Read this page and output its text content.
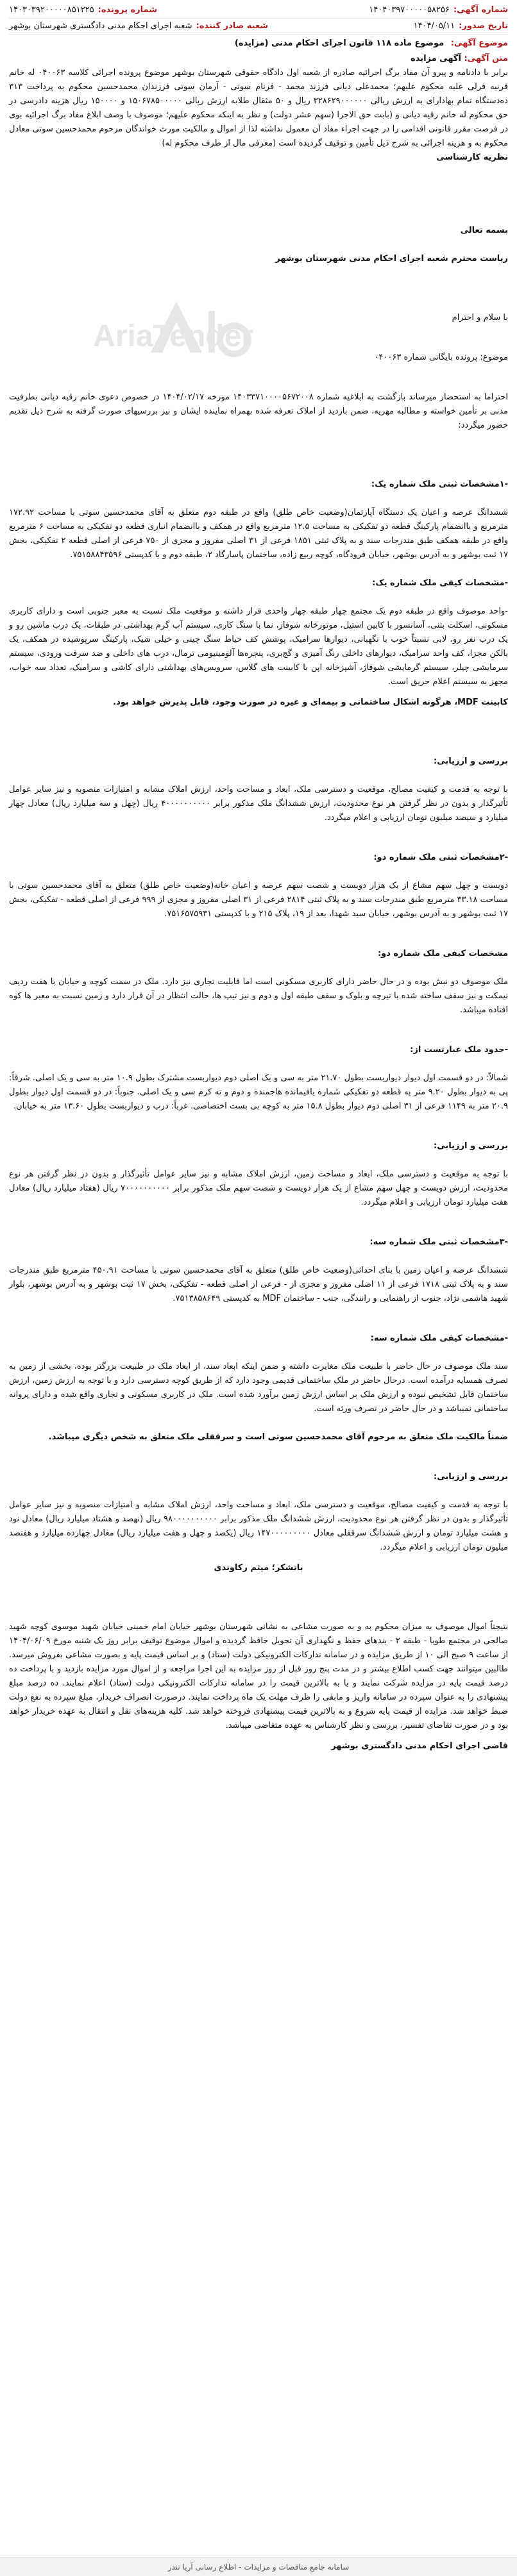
AriaTender
شماره آگهی:
۱۴۰۴۰۳۹۷۰۰۰۰۰۵۸۲۵۶
شماره پرونده:
۱۴۰۳۰۳۹۲۰۰۰۰۰۸۵۱۲۲۵
تاریخ صدور:
۱۴۰۴/۰۵/۱۱
شعبه صادر کننده:
شعبه اجرای احکام مدنی دادگستری شهرستان بوشهر
موضوع آگهی: موضوع ماده ۱۱۸ قانون اجرای احکام مدنی (مزایده)
متن آگهی: آگهی مزایده

برابر با دادنامه و پیرو آن مفاد برگ اجرائیه صادره از شعبه اول دادگاه حقوقی شهرستان بوشهر موضوع پرونده اجرائی کلاسه ۰۴۰۰۶۳ له خانم قرنیه فرلی علیه محکوم علیهم؛ محمدعلی دیانی فرزند محمد - فرنام سوتی - آرمان سوتی فرزندان محمدحسین محکوم به پرداخت ۳۱۳ ده‌دستگاه تمام بهادارای به ارزش ریالی ۳۲۸۶۲۹۰۰۰۰۰۰ ریال و ۵۰ مثقال طلابه ارزش ریالی ۱۵۰۶۷۸۵۰۰۰۰۰ و ۱۵۰۰۰۰ ریال هزینه دادرسی در حق محکوم له خانم رقیه دیانی و (بابت حق الاجرا (سهم عشر دولت) و نظر به اینکه محکوم علیهم؛ موصوف با وصف ابلاغ مفاد برگ اجرائیه بوی در فرصت مقرر قانونی اقدامی را در جهت اجراء مفاد آن معمول نداشته لذا از اموال و مالکیت مورث خواندگان مرحوم محمدحسین سوتی معادل محکوم به و هزینه اجرائی به شرح ذیل تأمین و توقیف گردیده است (معرفی مال از طرف محکوم له)

نظریه کارشناسی
بسمه تعالی
ریاست محترم شعبه اجرای احکام مدنی شهرستان بوشهر
با سلام و احترام
موضوع: پرونده بایگانی شماره ۰۴۰۰۶۳

احتراما به استحضار میرساند بازگشت به ابلاغیه شماره ۱۴۰۳۳۷۱۰۰۰۰۵۶۷۲۰۰۸ مورخه ۱۴۰۴/۰۲/۱۷ در خصوص دعوی خانم رقیه دیانی بطرفیت مدنی بر تأمین خواسته و مطالبه مهریه، ضمن بازدید از املاک تعرفه شده بهمراه نماینده ایشان و نیز بررسیهای صورت گرفته به شرح ذیل تقدیم حضور میگردد:

-۱مشخصات ثبتی ملک شماره یک:

ششدانگ عرصه و اعیان یک دستگاه آپارتمان(وضعیت خاص طلق) واقع در طبقه دوم متعلق به آقای محمدحسین سوتی با مساحت ۱۷۲.۹۲ مترمربع و باانضمام پارکینگ قطعه دو تفکیکی به مساحت ۱۲.۵ مترمربع واقع در همکف و باانضمام انباری قطعه دو تفکیکی به مساحت ۶ مترمربع واقع در طبقه همکف طبق مندرجات سند و به پلاک ثبتی ۱۸۵۱ فرعی از ۳۱ اصلی مفروز و مجزی از ۷۵۰ فرعی از اصلی قطعه ۲ تفکیکی، بخش ۱۷ ثبت بوشهر و به آدرس بوشهر، خیابان فرودگاه، کوچه ربیع زاده، ساختمان پاسارگاد ۲، طبقه دوم و با کدپستی ۷۵۱۵۸۸۴۳۵۹۶.

-مشخصات کیفی ملک شماره یک:

-واحد موصوف واقع در طبقه دوم یک مجتمع چهار طبقه چهار واحدی قرار داشته و موقعیت ملک نسبت به معبر جنوبی است و دارای کاربری مسکونی، اسکلت بتنی، آسانسور با کابین استیل، موتورخانه شوفاژ، نما با سنگ کاری، سیستم آب گرم بهداشتی در طبقات، یک درب ماشین رو و یک درب نفر رو، لابی نسبتاً خوب با نگهبانی، دیوارها سرامیک، پوشش کف حیاط سنگ چینی و خیلی شیک، پارکینگ سرپوشیده در همکف، یک بالکن مجزا، کف واحد سرامیک، دیوارهای داخلی رنگ آمیزی و گچ‌بری، پنجره‌ها آلومینیومی ترمال، درب های داخلی و ضد سرقت ورودی، سیستم سرمایشی چیلر، سیستم گرمایشی شوفاژ، آشپزخانه اپن با کابینت های گلاس، سرویس‌های بهداشتی دارای کاشی و سرامیک، تعداد سه خواب، مجهز به سیستم اعلام حریق است.

کابینت MDF، هرگونه اشکال ساختمانی و بیمه‌ای و غیره در صورت وجود، قابل پذیرش خواهد بود.

بررسی و ارزیابی:

با توجه به قدمت و کیفیت مصالح، موقعیت و دسترسی ملک، ابعاد و مساحت واحد، ارزش املاک مشابه و امتیازات منصوبه و نیز سایر عوامل تأثیرگذار و بدون در نظر گرفتن هر نوع محدودیت، ارزش ششدانگ ملک مذکور برابر ۴۰۰۰۰۰۰۰۰۰۰ ریال (چهل و سه میلیارد ریال) معادل چهار میلیارد و سیصد میلیون تومان ارزیابی و اعلام میگردد.

-۲مشخصات ثبتی ملک شماره دو:

دویست و چهل سهم مشاع از یک هزار دویست و شصت سهم عرصه و اعیان خانه(وضعیت خاص طلق) متعلق به آقای محمدحسین سوتی با مساحت ۳۳.۱۸ مترمربع طبق مندرجات سند و به پلاک ثبتی ۲۸۱۴ فرعی از ۳۱ اصلی مفروز و مجزی از ۹۹۹ فرعی از اصلی قطعه - تفکیکی، بخش ۱۷ ثبت بوشهر و به آدرس بوشهر، خیابان سید شهدا، بعد از ۱۹، پلاک ۲۱۵ و با کدپستی ۷۵۱۶۵۷۵۹۳۱.

مشخصات کیفی ملک شماره دو:

ملک موصوف دو نبش بوده و در حال حاضر دارای کاربری مسکونی است اما قابلیت تجاری نیز دارد. ملک در سمت کوچه و خیابان با هفت ردیف نیمکت و نیز سقف ساخته شده با تیرچه و بلوک و سقف طبقه اول و دوم و نیز تیپ ها، حالت انتظار در آن قرار دارد و زمین نسبت به معبر ها کوه افتاده میباشد.

-حدود ملک عبارتست از:

شمالاً: در دو قسمت اول دیوار دیواربست بطول ۲۱.۷۰ متر به سی و یک اصلی دوم دیواربست مشترک بطول ۱۰.۹ متر به سی و یک اصلی. شرقاً: پی به دیوار بطول ۹.۲۰ متر به قطعه دو تفکیکی شماره باقیمانده هاجمنده و دوم و ته کرم سی و یک اصلی. جنوباً: در دو قسمت اول دیوار بطول ۲۰.۹ متر به ۱۱۴۹ فرعی از ۳۱ اصلی دوم دیوار بطول ۱۵.۸ متر به کوچه بی بست اختصاصی. غرباً: درب و دیواربست بطول ۱۳.۶۰ متر به خیابان.

بررسی و ارزیابی:

با توجه به موقعیت و دسترسی ملک، ابعاد و مساحت زمین، ارزش املاک مشابه و نیز سایر عوامل تأثیرگذار و بدون در نظر گرفتن هر نوع محدودیت، ارزش دویست و چهل سهم مشاع از یک هزار دویست و شصت سهم ملک مذکور برابر ۷۰۰۰۰۰۰۰۰۰۰ ریال (هفتاد میلیارد ریال) معادل هفت میلیارد تومان ارزیابی و اعلام میگردد.

-۳مشخصات ثبتی ملک شماره سه:

ششدانگ عرصه و اعیان زمین با بنای احداثی(وضعیت خاص طلق) متعلق به آقای محمدحسین سوتی با مساحت ۴۵۰.۹۱ مترمربع طبق مندرجات سند و به پلاک ثبتی ۱۷۱۸ فرعی از ۱۱ اصلی مفروز و مجزی از - فرعی از اصلی قطعه - تفکیکی، بخش ۱۷ ثبت بوشهر و به آدرس بوشهر، بلوار شهید هاشمی نژاد، جنوب از راهنمایی و رانندگی، جنب - ساختمان MDF به کدپستی ۷۵۱۳۸۵۸۶۴۹.

-مشخصات کیفی ملک شماره سه:

سند ملک موصوف در حال حاضر با طبیعت ملک مغایرت داشته و ضمن اینکه ابعاد سند، از ابعاد ملک در طبیعت بزرگتر بوده، بخشی از زمین به تصرف همسایه درآمده است. درحال حاضر در ملک ساختمانی قدیمی وجود دارد که از طریق کوچه دسترسی دارد و با توجه به ارزش زمین، ارزش ساختمان قابل تشخیص نبوده و ارزش ملک بر اساس ارزش زمین برآورد شده است. ملک در کاربری مسکونی و تجاری واقع شده و دارای پروانه ساختمانی نمیباشد و در حال حاضر در تصرف ورثه است.

ضمناً مالکیت ملک متعلق به مرحوم آقای محمدحسین سوتی است و سرقفلی ملک متعلق به شخص دیگری میباشد.

بررسی و ارزیابی:

با توجه به قدمت و کیفیت مصالح، موقعیت و دسترسی ملک، ابعاد و مساحت واحد، ارزش املاک مشابه و امتیازات منصوبه و نیز سایر عوامل تأثیرگذار و بدون در نظر گرفتن هر نوع محدودیت، ارزش ششدانگ ملک مذکور برابر ۹۸۰۰۰۰۰۰۰۰۰۰ ریال (نهصد و هشتاد میلیارد ریال) معادل نود و هشت میلیارد تومان و ارزش ششدانگ سرقفلی معادل ۱۴۷۰۰۰۰۰۰۰۰۰ ریال (یکصد و چهل و هفت میلیارد ریال) معادل چهارده میلیارد و هفتصد میلیون تومان ارزیابی و اعلام میگردد.

باتشکر؛ میثم رکاوندی

نتیجتاً اموال موصوف به میزان محکوم به و به صورت مشاعی به نشانی شهرستان بوشهر خیابان امام خمینی خیابان شهید موسوی کوچه شهید صالحی در مجتمع طوبا - طبقه ۲ - بندهای حفظ و نگهداری آن تحویل حافظ گردیده و اموال موضوع توقیف برابر روز یک شنبه مورخ ۱۴۰۴/۰۶/۰۹ از ساعت ۹ صبح الی ۱۰ از طریق مزایده و در سامانه تدارکات الکترونیکی دولت (ستاد) و بر اساس قیمت پایه و بصورت مشاعی بفروش میرسد. طالبین میتوانند جهت کسب اطلاع بیشتر و در مدت پنج روز قبل از روز مزایده به این اجرا مراجعه و از اموال مورد مزایده بازدید و با پرداخت ده درصد قیمت پایه در مزایده شرکت نمایند و یا به بالاترین قیمت را در سامانه تدارکات الکترونیکی دولت (ستاد) اعلام نمایند. ده درصد مبلغ پیشنهادی را به عنوان سپرده در سامانه واریز و مابقی را ظرف مهلت یک ماه پرداخت نمایند. درصورت انصراف خریدار، مبلغ سپرده به نفع دولت ضبط خواهد شد. مزایده از قیمت پایه شروع و به بالاترین قیمت پیشنهادی فروخته خواهد شد. کلیه هزینه‌های نقل و انتقال به عهده خریدار خواهد بود و در صورت تقاضای تفسیر، بررسی و نظر کارشناس به عهده متقاضی میباشد.

قاضی اجرای احکام مدنی دادگستری بوشهر
سامانه جامع مناقصات و مزایدات - اطلاع رسانی آریا تندر
